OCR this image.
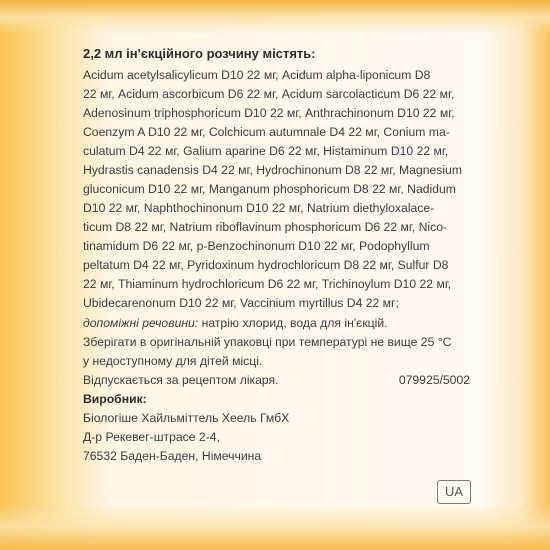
2,2 мл ін'єкційного розчину містять:
Acidum acetylsalicylicum D10 22 мг, Acidum alpha-liponicum D8
22 мг, Acidum ascorbicum D6 22 мг, Acidum sarcolacticum D6 22 мг,
Adenosinum triphosphoricum D10 22 мг, Anthrachinonum D10 22 мг,
Coenzym A D10 22 мг, Colchicum autumnale D4 22 мг, Conium ma-
culatum D4 22 мг, Galium aparine D6 22 мг, Histaminum D10 22 мг,
Hydrastis canadensis D4 22 мг, Hydrochinonum D8 22 мг, Magnesium
gluconicum D10 22 мг, Manganum phosphoricum D8 22 мг, Nadidum
D10 22 мг, Naphthochinonum D10 22 мг, Natrium diethyloxalacе-
ticum D8 22 мг, Natrium riboflavinum phosphoricum D6 22 мг, Nico-
tinamidum D6 22 мг, p-Benzochinonum D10 22 мг, Podophyllum
peltatum D4 22 мг, Pyridoxinum hydrochloricum D8 22 мг, Sulfur D8
22 мг, Thiaminum hydrochloricum D6 22 мг, Trichinoylum D10 22 мг,
Ubidecarenonum D10 22 мг, Vaccinium myrtillus D4 22 мг;
допоміжні речовини: натрію хлорид, вода для ін'єкцій.
Зберігати в оригінальній упаковці при температурі не вище 25 °C
у недоступному для дітей місці.
Відпускається за рецептом лікаря.	079925/5002
Виробник:
Біологіше Хайльміттель Хеель ГмбХ
Д-р Рекевег-штрасе 2-4,
76532 Баден-Баден, Німеччина
UA
